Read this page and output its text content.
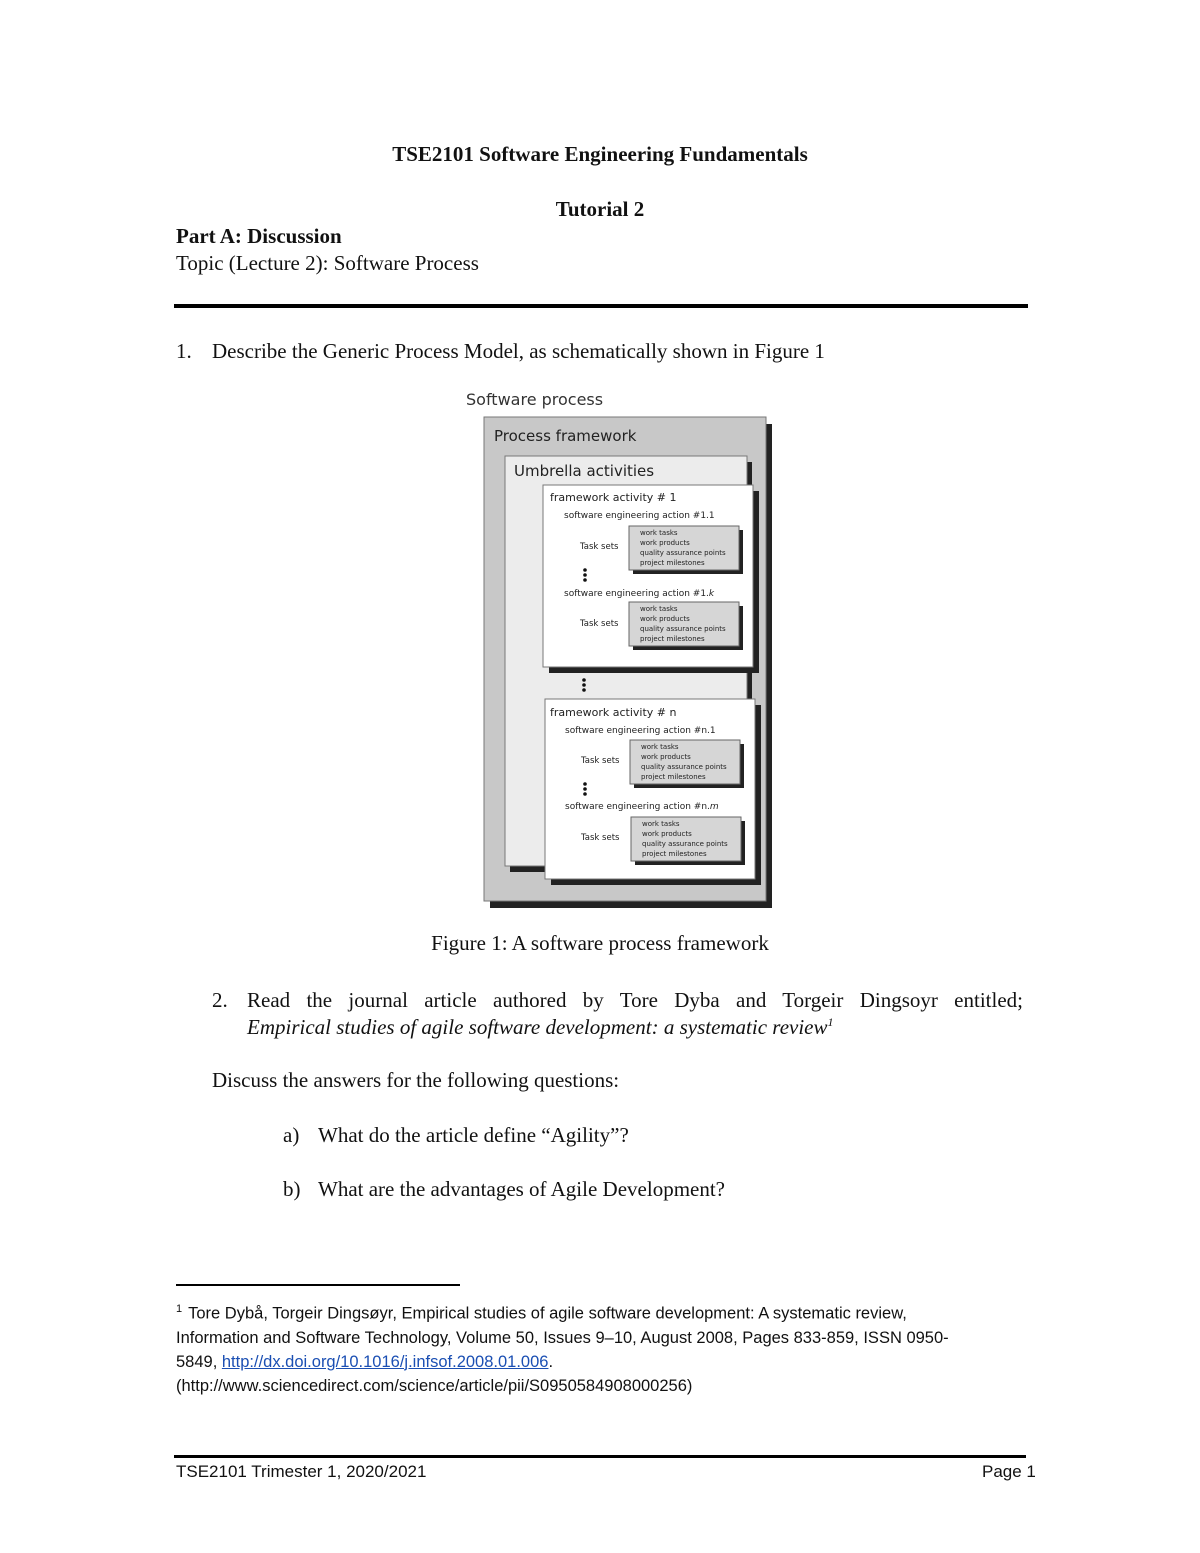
TSE2101 Software Engineering Fundamentals
Tutorial 2
Part A: Discussion
Topic (Lecture 2): Software Process
1. Describe the Generic Process Model, as schematically shown in Figure 1
Software process
Process framework
Umbrella activities
framework activity # 1
software engineering action #1.1
Task sets
work tasks
work products
quality assurance points
project milestones
software engineering action #1.k
Task sets
work tasks
work products
quality assurance points
project milestones
framework activity # n
software engineering action #n.1
Task sets
work tasks
work products
quality assurance points
project milestones
software engineering action #n.m
Task sets
work tasks
work products
quality assurance points
project milestones
Figure 1: A software process framework
2. Read the journal article authored by Tore Dyba and Torgeir Dingsoyr entitled;
Empirical studies of agile software development: a systematic review$^1$
Discuss the answers for the following questions:
a) What do the article define “Agility”?
b) What are the advantages of Agile Development?
$^1$ Tore Dybå, Torgeir Dingsøyr, Empirical studies of agile software development: A systematic review,
Information and Software Technology, Volume 50, Issues 9–10, August 2008, Pages 833-859, ISSN 0950-
5849, http://dx.doi.org/10.1016/j.infsof.2008.01.006.
(http://www.sciencedirect.com/science/article/pii/S0950584908000256)
TSE2101 Trimester 1, 2020/2021	Page 1
